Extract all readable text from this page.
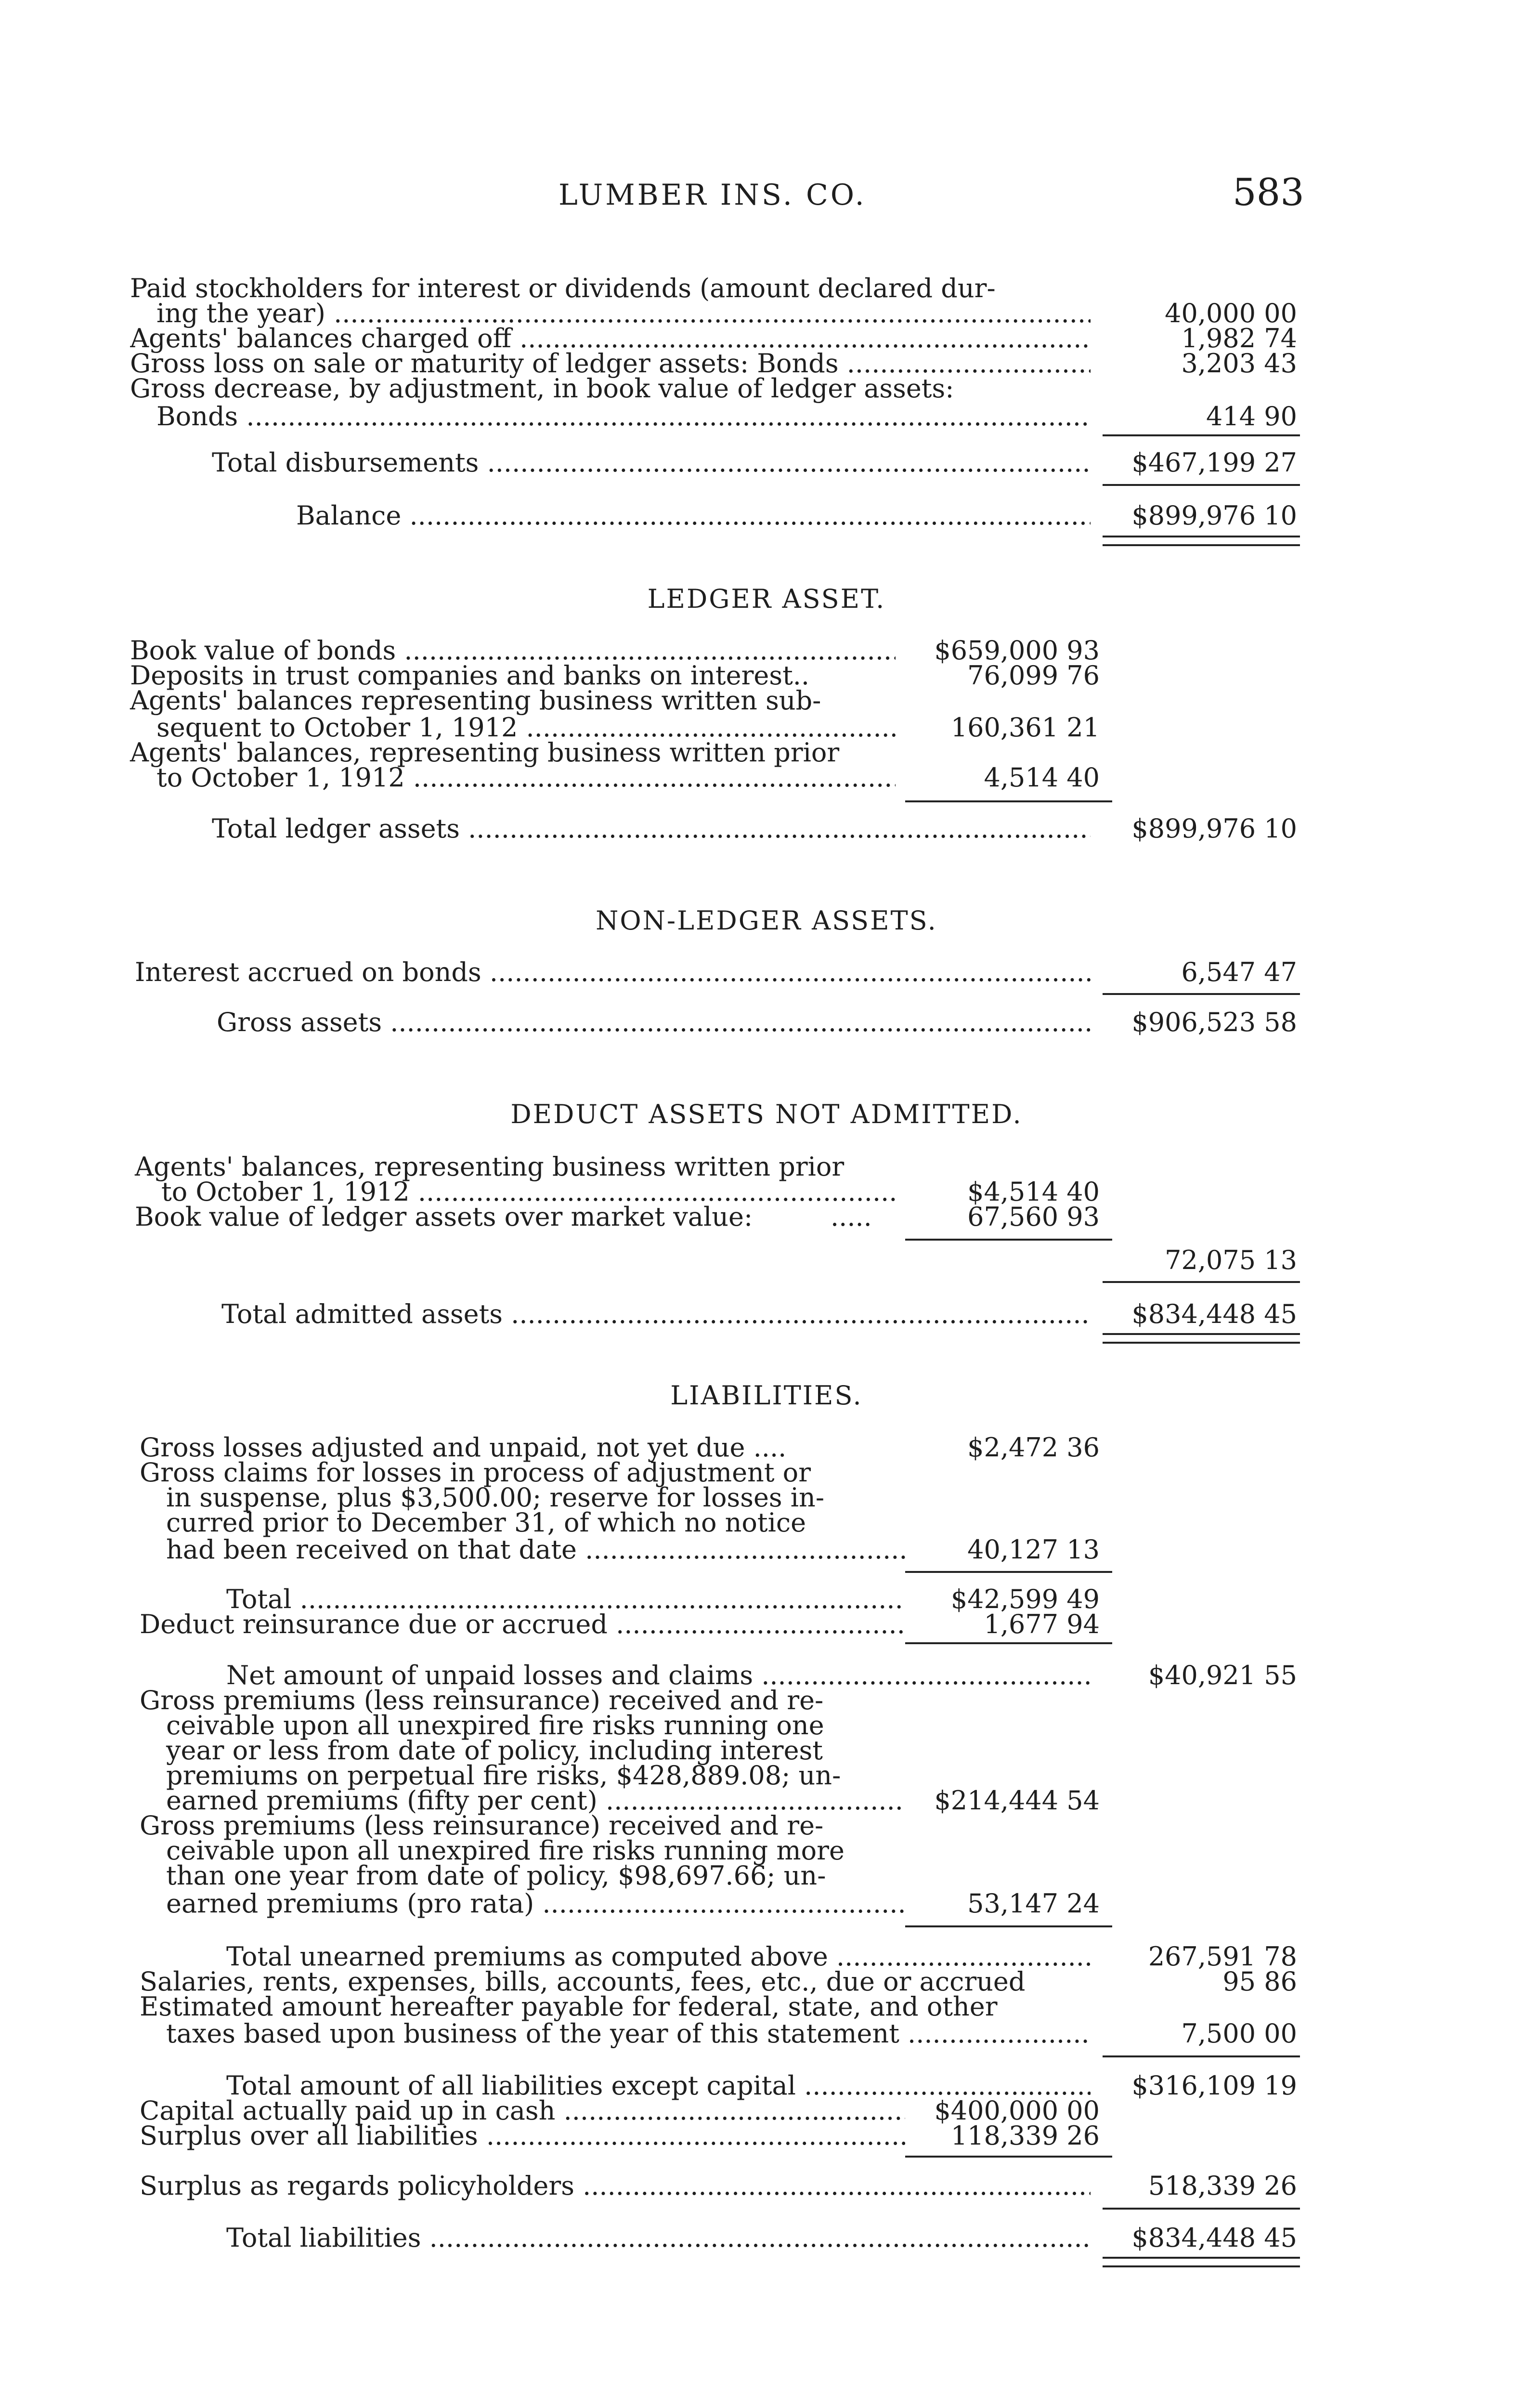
LUMBER INS. CO.	583
Paid stockholders for interest or dividends (amount declared dur-
ing the year) .....	40,000 00
Agents' balances charged off .....	1,982 74
Gross loss on sale or maturity of ledger assets: Bonds .....	3,203 43
Gross decrease, by adjustment, in book value of ledger assets:
Bonds .....	414 90
Total disbursements .....	$467,199 27
Balance .....	$899,976 10
LEDGER ASSET.
Book value of bonds .....	$659,000 93
Deposits in trust companies and banks on interest..	76,099 76
Agents' balances representing business written sub-
sequent to October 1, 1912 .....	160,361 21
Agents' balances, representing business written prior
to October 1, 1912 .....	4,514 40
Total ledger assets .....	$899,976 10
NON-LEDGER ASSETS.
Interest accrued on bonds .....	6,547 47
Gross assets .....	$906,523 58
DEDUCT ASSETS NOT ADMITTED.
Agents' balances, representing business written prior
to October 1, 1912 .....	$4,514 40
Book value of ledger assets over market value:	.....	67,560 93
72,075 13
Total admitted assets .....	$834,448 45
LIABILITIES.
Gross losses adjusted and unpaid, not yet due ....	$2,472 36
Gross claims for losses in process of adjustment or
in suspense, plus $3,500.00; reserve for losses in-
curred prior to December 31, of which no notice
had been received on that date .....	40,127 13
Total .....	$42,599 49
Deduct reinsurance due or accrued .....	1,677 94
Net amount of unpaid losses and claims .....	$40,921 55
Gross premiums (less reinsurance) received and re-
ceivable upon all unexpired fire risks running one
year or less from date of policy, including interest
premiums on perpetual fire risks, $428,889.08; un-
earned premiums (fifty per cent) .....	$214,444 54
Gross premiums (less reinsurance) received and re-
ceivable upon all unexpired fire risks running more
than one year from date of policy, $98,697.66; un-
earned premiums (pro rata) .....	53,147 24
Total unearned premiums as computed above .....	267,591 78
Salaries, rents, expenses, bills, accounts, fees, etc., due or accrued	95 86
Estimated amount hereafter payable for federal, state, and other
taxes based upon business of the year of this statement .....	7,500 00
Total amount of all liabilities except capital .....	$316,109 19
Capital actually paid up in cash .....	$400,000 00
Surplus over all liabilities .....	118,339 26
Surplus as regards policyholders .....	518,339 26
Total liabilities .....	$834,448 45
